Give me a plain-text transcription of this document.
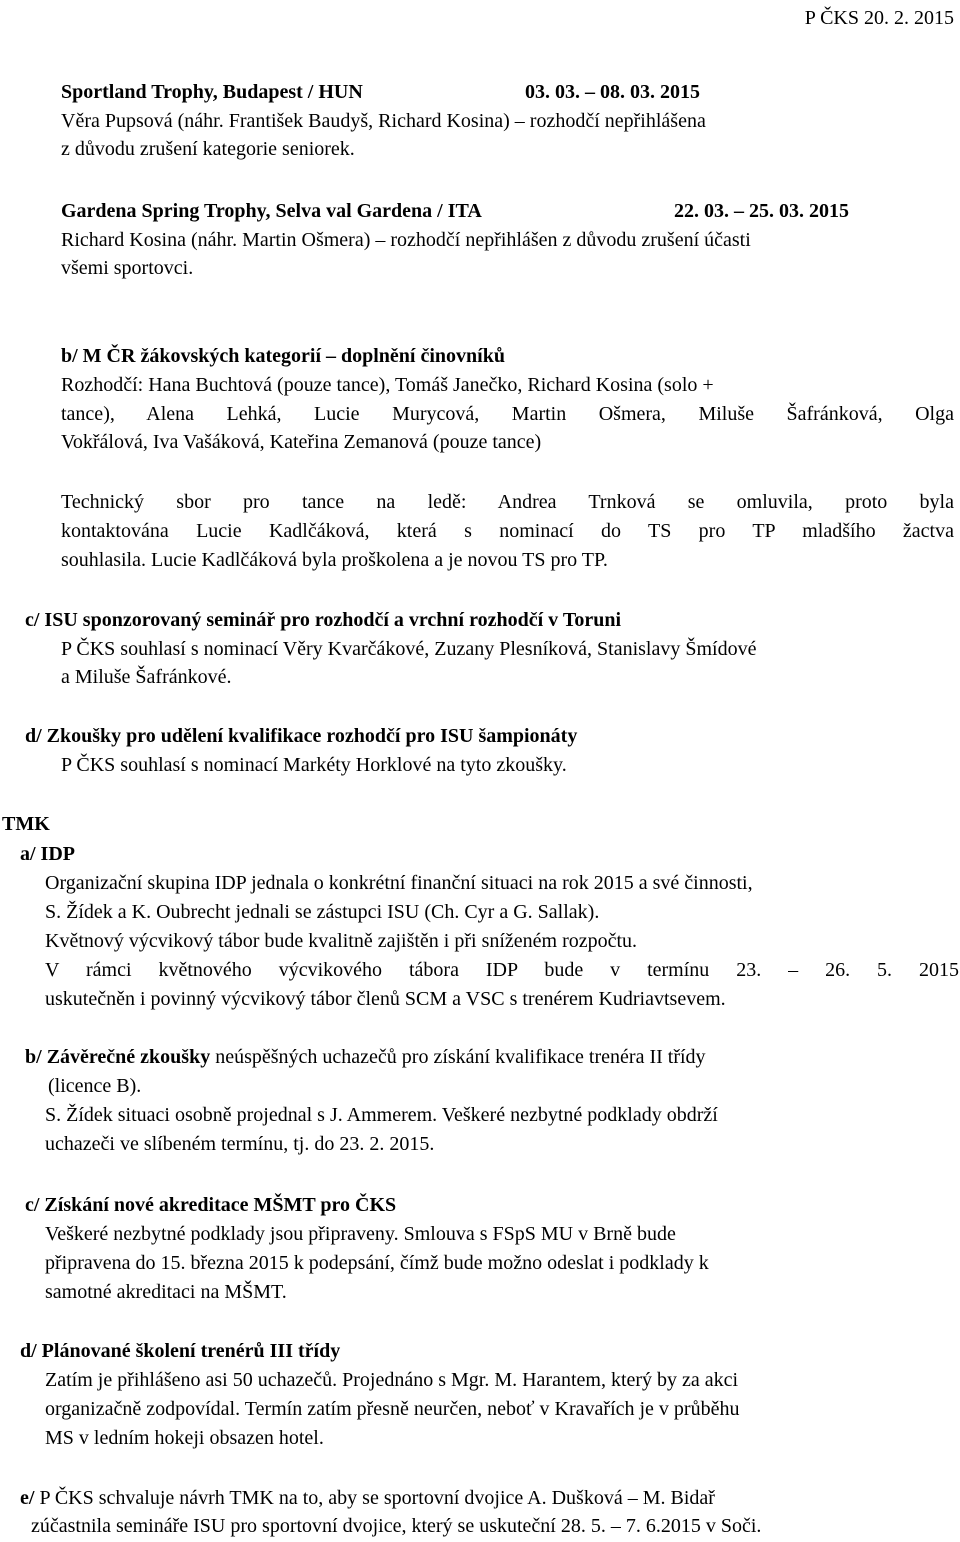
P ČKS 20. 2. 2015
Sportland Trophy, Budapest / HUN	03. 03. – 08. 03. 2015
Věra Pupsová (náhr. František Baudyš, Richard Kosina) – rozhodčí nepřihlášena
z důvodu zrušení kategorie seniorek.
Gardena Spring Trophy, Selva val Gardena / ITA	22. 03. – 25. 03. 2015
Richard Kosina (náhr. Martin Ošmera) – rozhodčí nepřihlášen z důvodu zrušení účasti
všemi sportovci.
b/ M ČR žákovských kategorií – doplnění činovníků
Rozhodčí: Hana Buchtová (pouze tance), Tomáš Janečko, Richard Kosina (solo +
tance), Alena Lehká, Lucie Murycová, Martin Ošmera, Miluše Šafránková, Olga
Vokřálová, Iva Vašáková, Kateřina Zemanová (pouze tance)
Technický sbor pro tance na ledě: Andrea Trnková se omluvila, proto byla
kontaktována Lucie Kadlčáková, která s nominací do TS pro TP mladšího žactva
souhlasila. Lucie Kadlčáková byla proškolena a je novou TS pro TP.
c/ ISU sponzorovaný seminář pro rozhodčí a vrchní rozhodčí v Toruni
P ČKS souhlasí s nominací Věry Kvarčákové, Zuzany Plesníková, Stanislavy Šmídové
a Miluše Šafránkové.
d/ Zkoušky pro udělení kvalifikace rozhodčí pro ISU šampionáty
P ČKS souhlasí s nominací Markéty Horklové na tyto zkoušky.
TMK
a/ IDP
Organizační skupina IDP jednala o konkrétní finanční situaci na rok 2015 a své činnosti,
S. Žídek a K. Oubrecht jednali se zástupci ISU (Ch. Cyr a G. Sallak).
Květnový výcvikový tábor bude kvalitně zajištěn i při sníženém rozpočtu.
V rámci květnového výcvikového tábora IDP bude v termínu 23. – 26. 5. 2015
uskutečněn i povinný výcvikový tábor členů SCM a VSC s trenérem Kudriavtsevem.
b/ Závěrečné zkoušky neúspěšných uchazečů pro získání kvalifikace trenéra II třídy
(licence B).
S. Žídek situaci osobně projednal s J. Ammerem. Veškeré nezbytné podklady obdrží
uchazeči ve slíbeném termínu, tj. do 23. 2. 2015.
c/ Získání nové akreditace MŠMT pro ČKS
Veškeré nezbytné podklady jsou připraveny. Smlouva s FSpS MU v Brně bude
připravena do 15. března 2015 k podepsání, čímž bude možno odeslat i podklady k
samotné akreditaci na MŠMT.
d/ Plánované školení trenérů III třídy
Zatím je přihlášeno asi 50 uchazečů. Projednáno s Mgr. M. Harantem, který by za akci
organizačně zodpovídal. Termín zatím přesně neurčen, neboť v Kravařích je v průběhu
MS v ledním hokeji obsazen hotel.
e/ P ČKS schvaluje návrh TMK na to, aby se sportovní dvojice A. Dušková – M. Bidař
zúčastnila semináře ISU pro sportovní dvojice, který se uskuteční 28. 5. – 7. 6.2015 v Soči.
